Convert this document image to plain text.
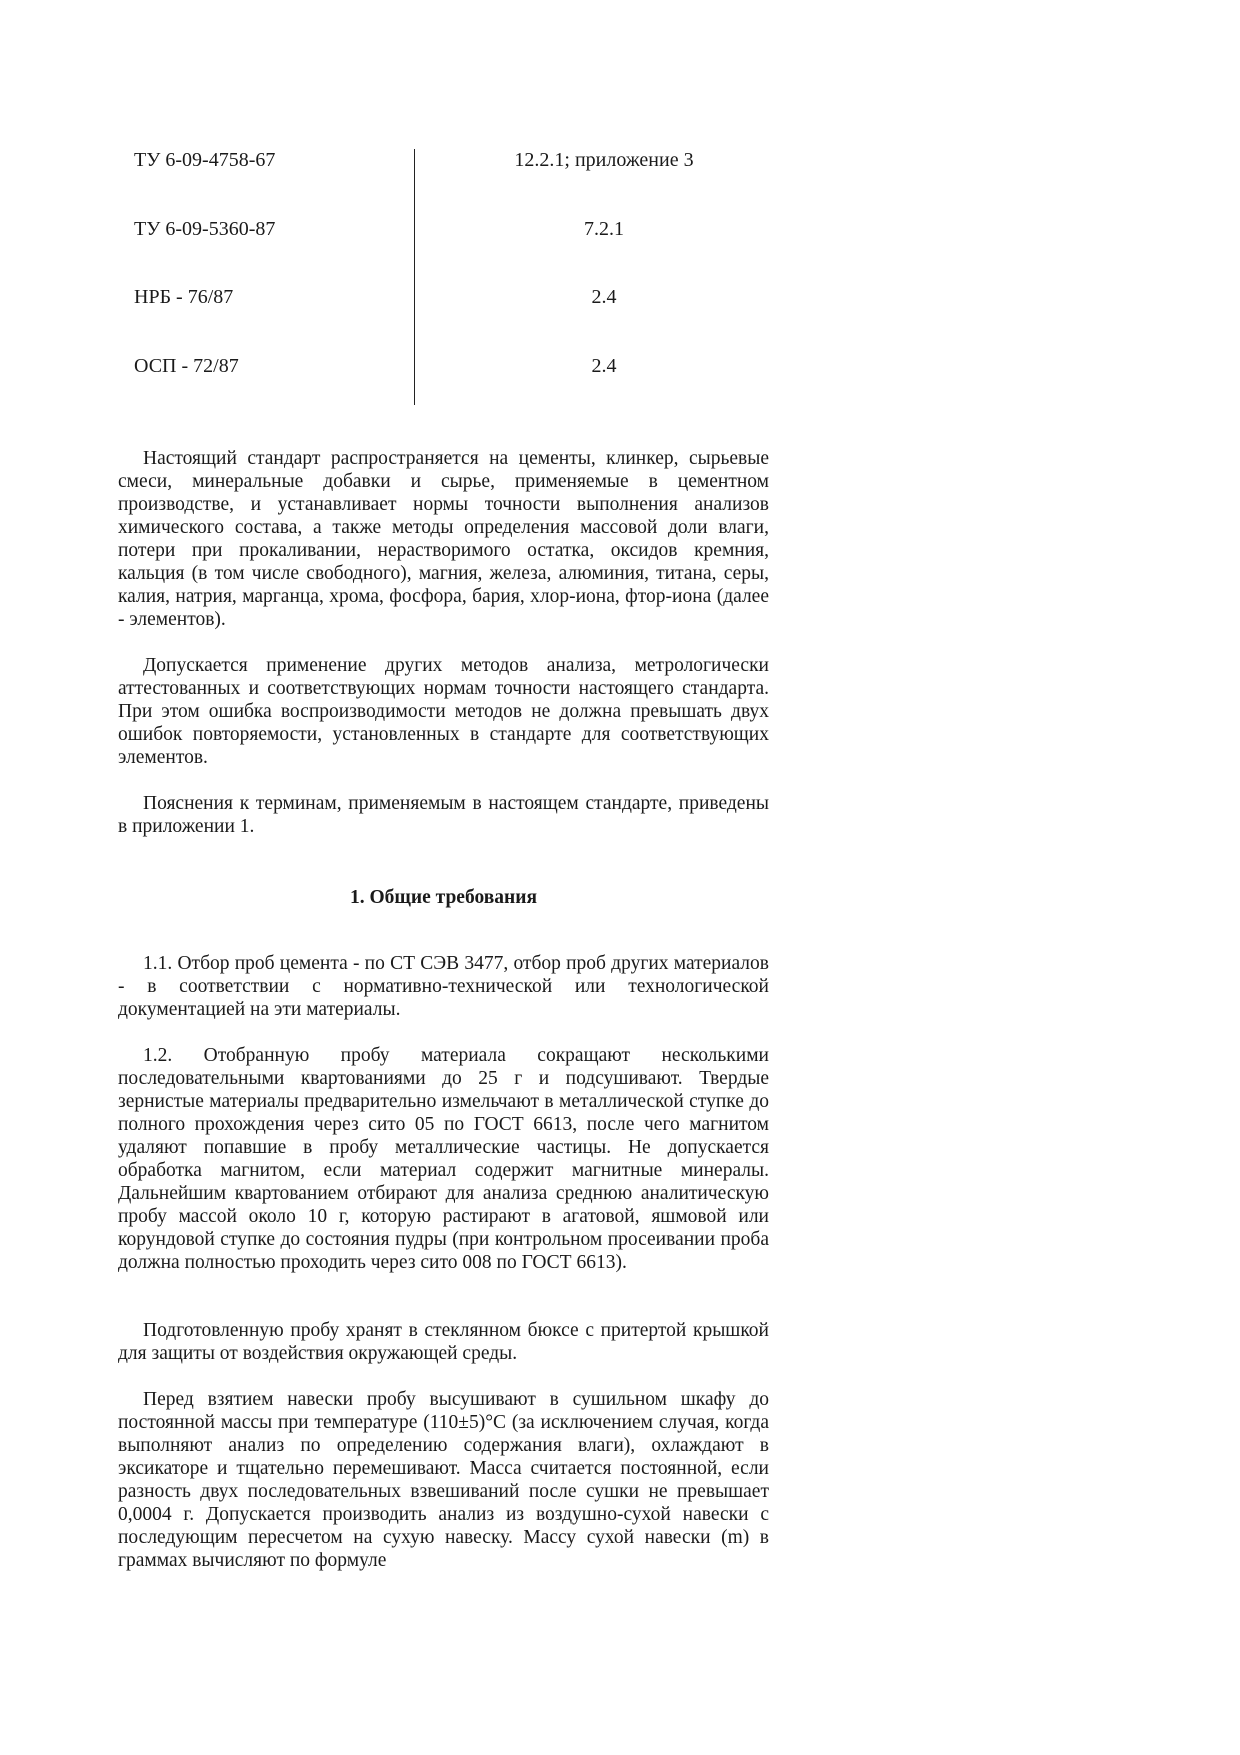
ТУ 6-09-4758-67	12.2.1; приложение 3
ТУ 6-09-5360-87	7.2.1
НРБ - 76/87	2.4
ОСП - 72/87	2.4

Настоящий стандарт распространяется на цементы, клинкер, сырьевые смеси, минеральные добавки и сырье, применяемые в цементном производстве, и устанавливает нормы точности выполнения анализов химического состава, а также методы определения массовой доли влаги, потери при прокаливании, нерастворимого остатка, оксидов кремния, кальция (в том числе свободного), магния, железа, алюминия, титана, серы, калия, натрия, марганца, хрома, фосфора, бария, хлор-иона, фтор-иона (далее - элементов).

Допускается применение других методов анализа, метрологически аттестованных и соответствующих нормам точности настоящего стандарта. При этом ошибка воспроизводимости методов не должна превышать двух ошибок повторяемости, установленных в стандарте для соответствующих элементов.

Пояснения к терминам, применяемым в настоящем стандарте, приведены в приложении 1.

1. Общие требования

1.1. Отбор проб цемента - по СТ СЭВ 3477, отбор проб других материалов - в соответствии с нормативно-технической или технологической документацией на эти материалы.

1.2. Отобранную пробу материала сокращают несколькими последовательными квартованиями до 25 г и подсушивают. Твердые зернистые материалы предварительно измельчают в металлической ступке до полного прохождения через сито 05 по ГОСТ 6613, после чего магнитом удаляют попавшие в пробу металлические частицы. Не допускается обработка магнитом, если материал содержит магнитные минералы. Дальнейшим квартованием отбирают для анализа среднюю аналитическую пробу массой около 10 г, которую растирают в агатовой, яшмовой или корундовой ступке до состояния пудры (при контрольном просеивании проба должна полностью проходить через сито 008 по ГОСТ 6613).

Подготовленную пробу хранят в стеклянном бюксе с притертой крышкой для защиты от воздействия окружающей среды.

Перед взятием навески пробу высушивают в сушильном шкафу до постоянной массы при температуре (110±5)°С (за исключением случая, когда выполняют анализ по определению содержания влаги), охлаждают в эксикаторе и тщательно перемешивают. Масса считается постоянной, если разность двух последовательных взвешиваний после сушки не превышает 0,0004 г. Допускается производить анализ из воздушно-сухой навески с последующим пересчетом на сухую навеску. Массу сухой навески (m) в граммах вычисляют по формуле
